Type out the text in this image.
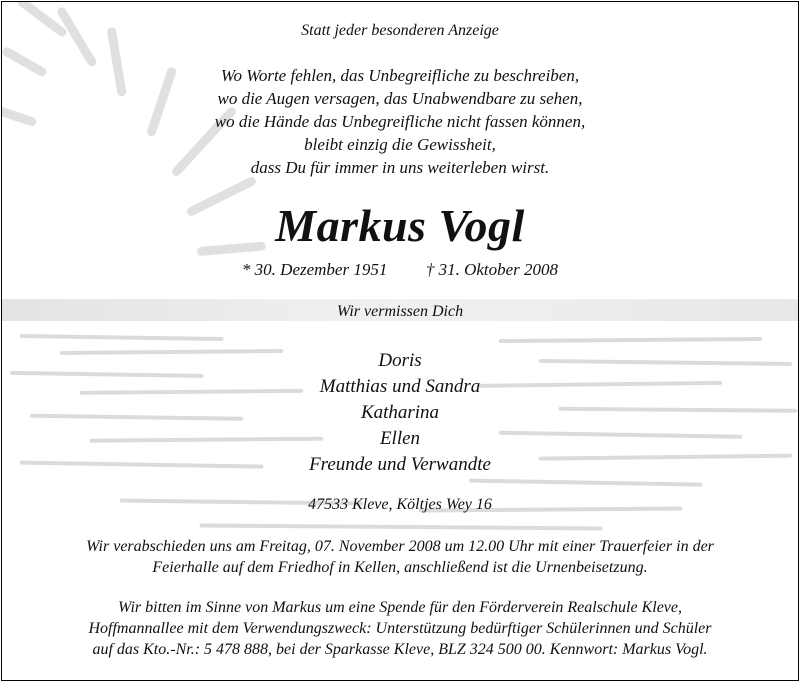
Statt jeder besonderen Anzeige
Wo Worte fehlen, das Unbegreifliche zu beschreiben,
wo die Augen versagen, das Unabwendbare zu sehen,
wo die Hände das Unbegreifliche nicht fassen können,
bleibt einzig die Gewissheit,
dass Du für immer in uns weiterleben wirst.
Markus Vogl
* 30. Dezember 1951 † 31. Oktober 2008
Wir vermissen Dich
Doris
Matthias und Sandra
Katharina
Ellen
Freunde und Verwandte
47533 Kleve, Költjes Wey 16
Wir verabschieden uns am Freitag, 07. November 2008 um 12.00 Uhr mit einer Trauerfeier in der
Feierhalle auf dem Friedhof in Kellen, anschließend ist die Urnenbeisetzung.
Wir bitten im Sinne von Markus um eine Spende für den Förderverein Realschule Kleve,
Hoffmannallee mit dem Verwendungszweck: Unterstützung bedürftiger Schülerinnen und Schüler
auf das Kto.-Nr.: 5 478 888, bei der Sparkasse Kleve, BLZ 324 500 00. Kennwort: Markus Vogl.
